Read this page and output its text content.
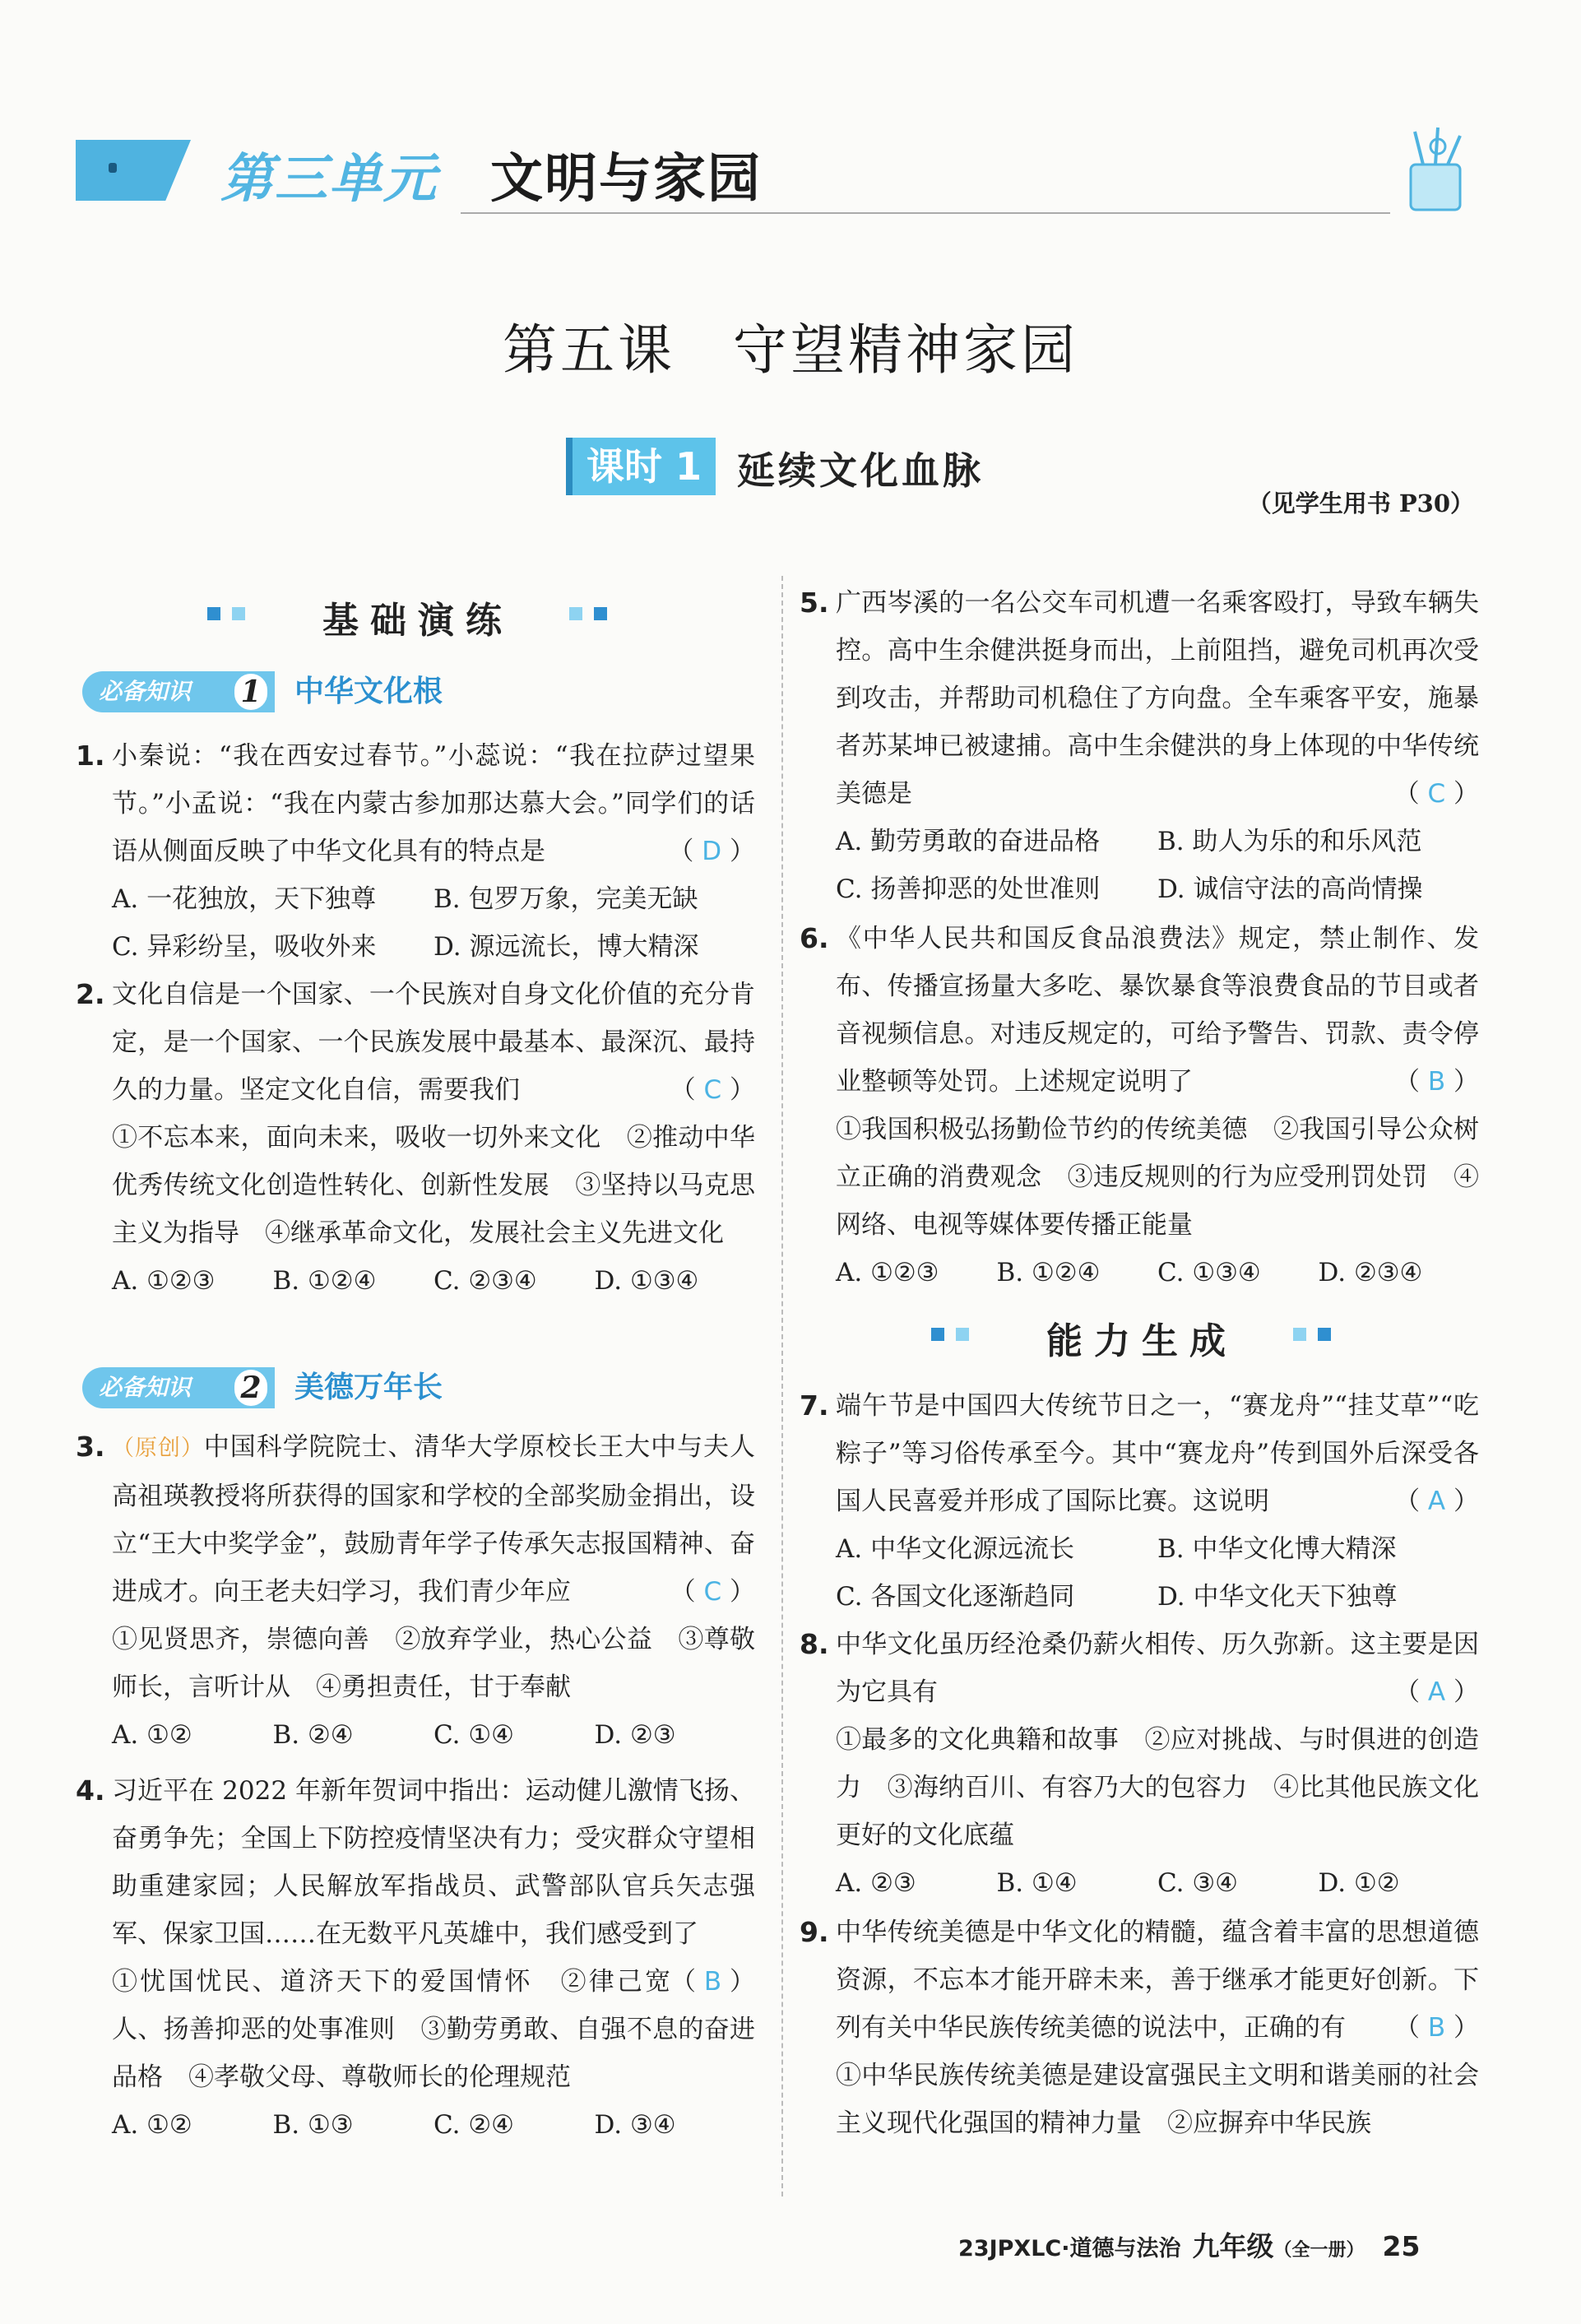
第三单元 文明与家园
第五课　守望精神家园
课时 1 延续文化血脉
（见学生用书 P30）
基础演练
必备知识	1 中华文化根
1. 小秦说：“我在西安过春节。”小蕊说：“我在拉萨过望果节。”小孟说：“我在内蒙古参加那达慕大会。”同学们的话语从侧面反映了中华文化具有的特点是	（ D ）
A. 一花独放，天下独尊	B. 包罗万象，完美无缺
C. 异彩纷呈，吸收外来	D. 源远流长，博大精深
2. 文化自信是一个国家、一个民族对自身文化价值的充分肯定，是一个国家、一个民族发展中最基本、最深沉、最持久的力量。坚定文化自信，需要我们	（ C ）
①不忘本来，面向未来，吸收一切外来文化　②推动中华优秀传统文化创造性转化、创新性发展　③坚持以马克思主义为指导　④继承革命文化，发展社会主义先进文化
A. ①②③	B. ①②④	C. ②③④	D. ①③④
必备知识	2 美德万年长
3. （原创）中国科学院院士、清华大学原校长王大中与夫人高祖瑛教授将所获得的国家和学校的全部奖励金捐出，设立“王大中奖学金”，鼓励青年学子传承矢志报国精神、奋进成才。向王老夫妇学习，我们青少年应	（ C ）
①见贤思齐，崇德向善　②放弃学业，热心公益　③尊敬师长，言听计从　④勇担责任，甘于奉献
A. ①②	B. ②④	C. ①④	D. ②③
4. 习近平在 2022 年新年贺词中指出：运动健儿激情飞扬、奋勇争先；全国上下防控疫情坚决有力；受灾群众守望相助重建家园；人民解放军指战员、武警部队官兵矢志强军、保家卫国……在无数平凡英雄中，我们感受到了
（ B ）
①忧国忧民、道济天下的爱国情怀　②律己宽人、扬善抑恶的处事准则　③勤劳勇敢、自强不息的奋进品格　④孝敬父母、尊敬师长的伦理规范
A. ①②	B. ①③	C. ②④	D. ③④
5. 广西岑溪的一名公交车司机遭一名乘客殴打，导致车辆失控。高中生余健洪挺身而出，上前阻挡，避免司机再次受到攻击，并帮助司机稳住了方向盘。全车乘客平安，施暴者苏某坤已被逮捕。高中生余健洪的身上体现的中华传统美德是	（ C ）
A. 勤劳勇敢的奋进品格	B. 助人为乐的和乐风范
C. 扬善抑恶的处世准则	D. 诚信守法的高尚情操
6. 《中华人民共和国反食品浪费法》规定，禁止制作、发布、传播宣扬量大多吃、暴饮暴食等浪费食品的节目或者音视频信息。对违反规定的，可给予警告、罚款、责令停业整顿等处罚。上述规定说明了	（ B ）
①我国积极弘扬勤俭节约的传统美德　②我国引导公众树立正确的消费观念　③违反规则的行为应受刑罚处罚　④网络、电视等媒体要传播正能量
A. ①②③	B. ①②④	C. ①③④	D. ②③④
能力生成
7. 端午节是中国四大传统节日之一，“赛龙舟”“挂艾草”“吃粽子”等习俗传承至今。其中“赛龙舟”传到国外后深受各国人民喜爱并形成了国际比赛。这说明	（ A ）
A. 中华文化源远流长	B. 中华文化博大精深
C. 各国文化逐渐趋同	D. 中华文化天下独尊
8. 中华文化虽历经沧桑仍薪火相传、历久弥新。这主要是因为它具有	（ A ）
①最多的文化典籍和故事　②应对挑战、与时俱进的创造力　③海纳百川、有容乃大的包容力　④比其他民族文化更好的文化底蕴
A. ②③	B. ①④	C. ③④	D. ①②
9. 中华传统美德是中华文化的精髓，蕴含着丰富的思想道德资源，不忘本才能开辟未来，善于继承才能更好创新。下列有关中华民族传统美德的说法中，正确的有 （ B ）
①中华民族传统美德是建设富强民主文明和谐美丽的社会主义现代化强国的精神力量　②应摒弃中华民族
23JPXLC·道德与法治 九年级（全一册） 25
